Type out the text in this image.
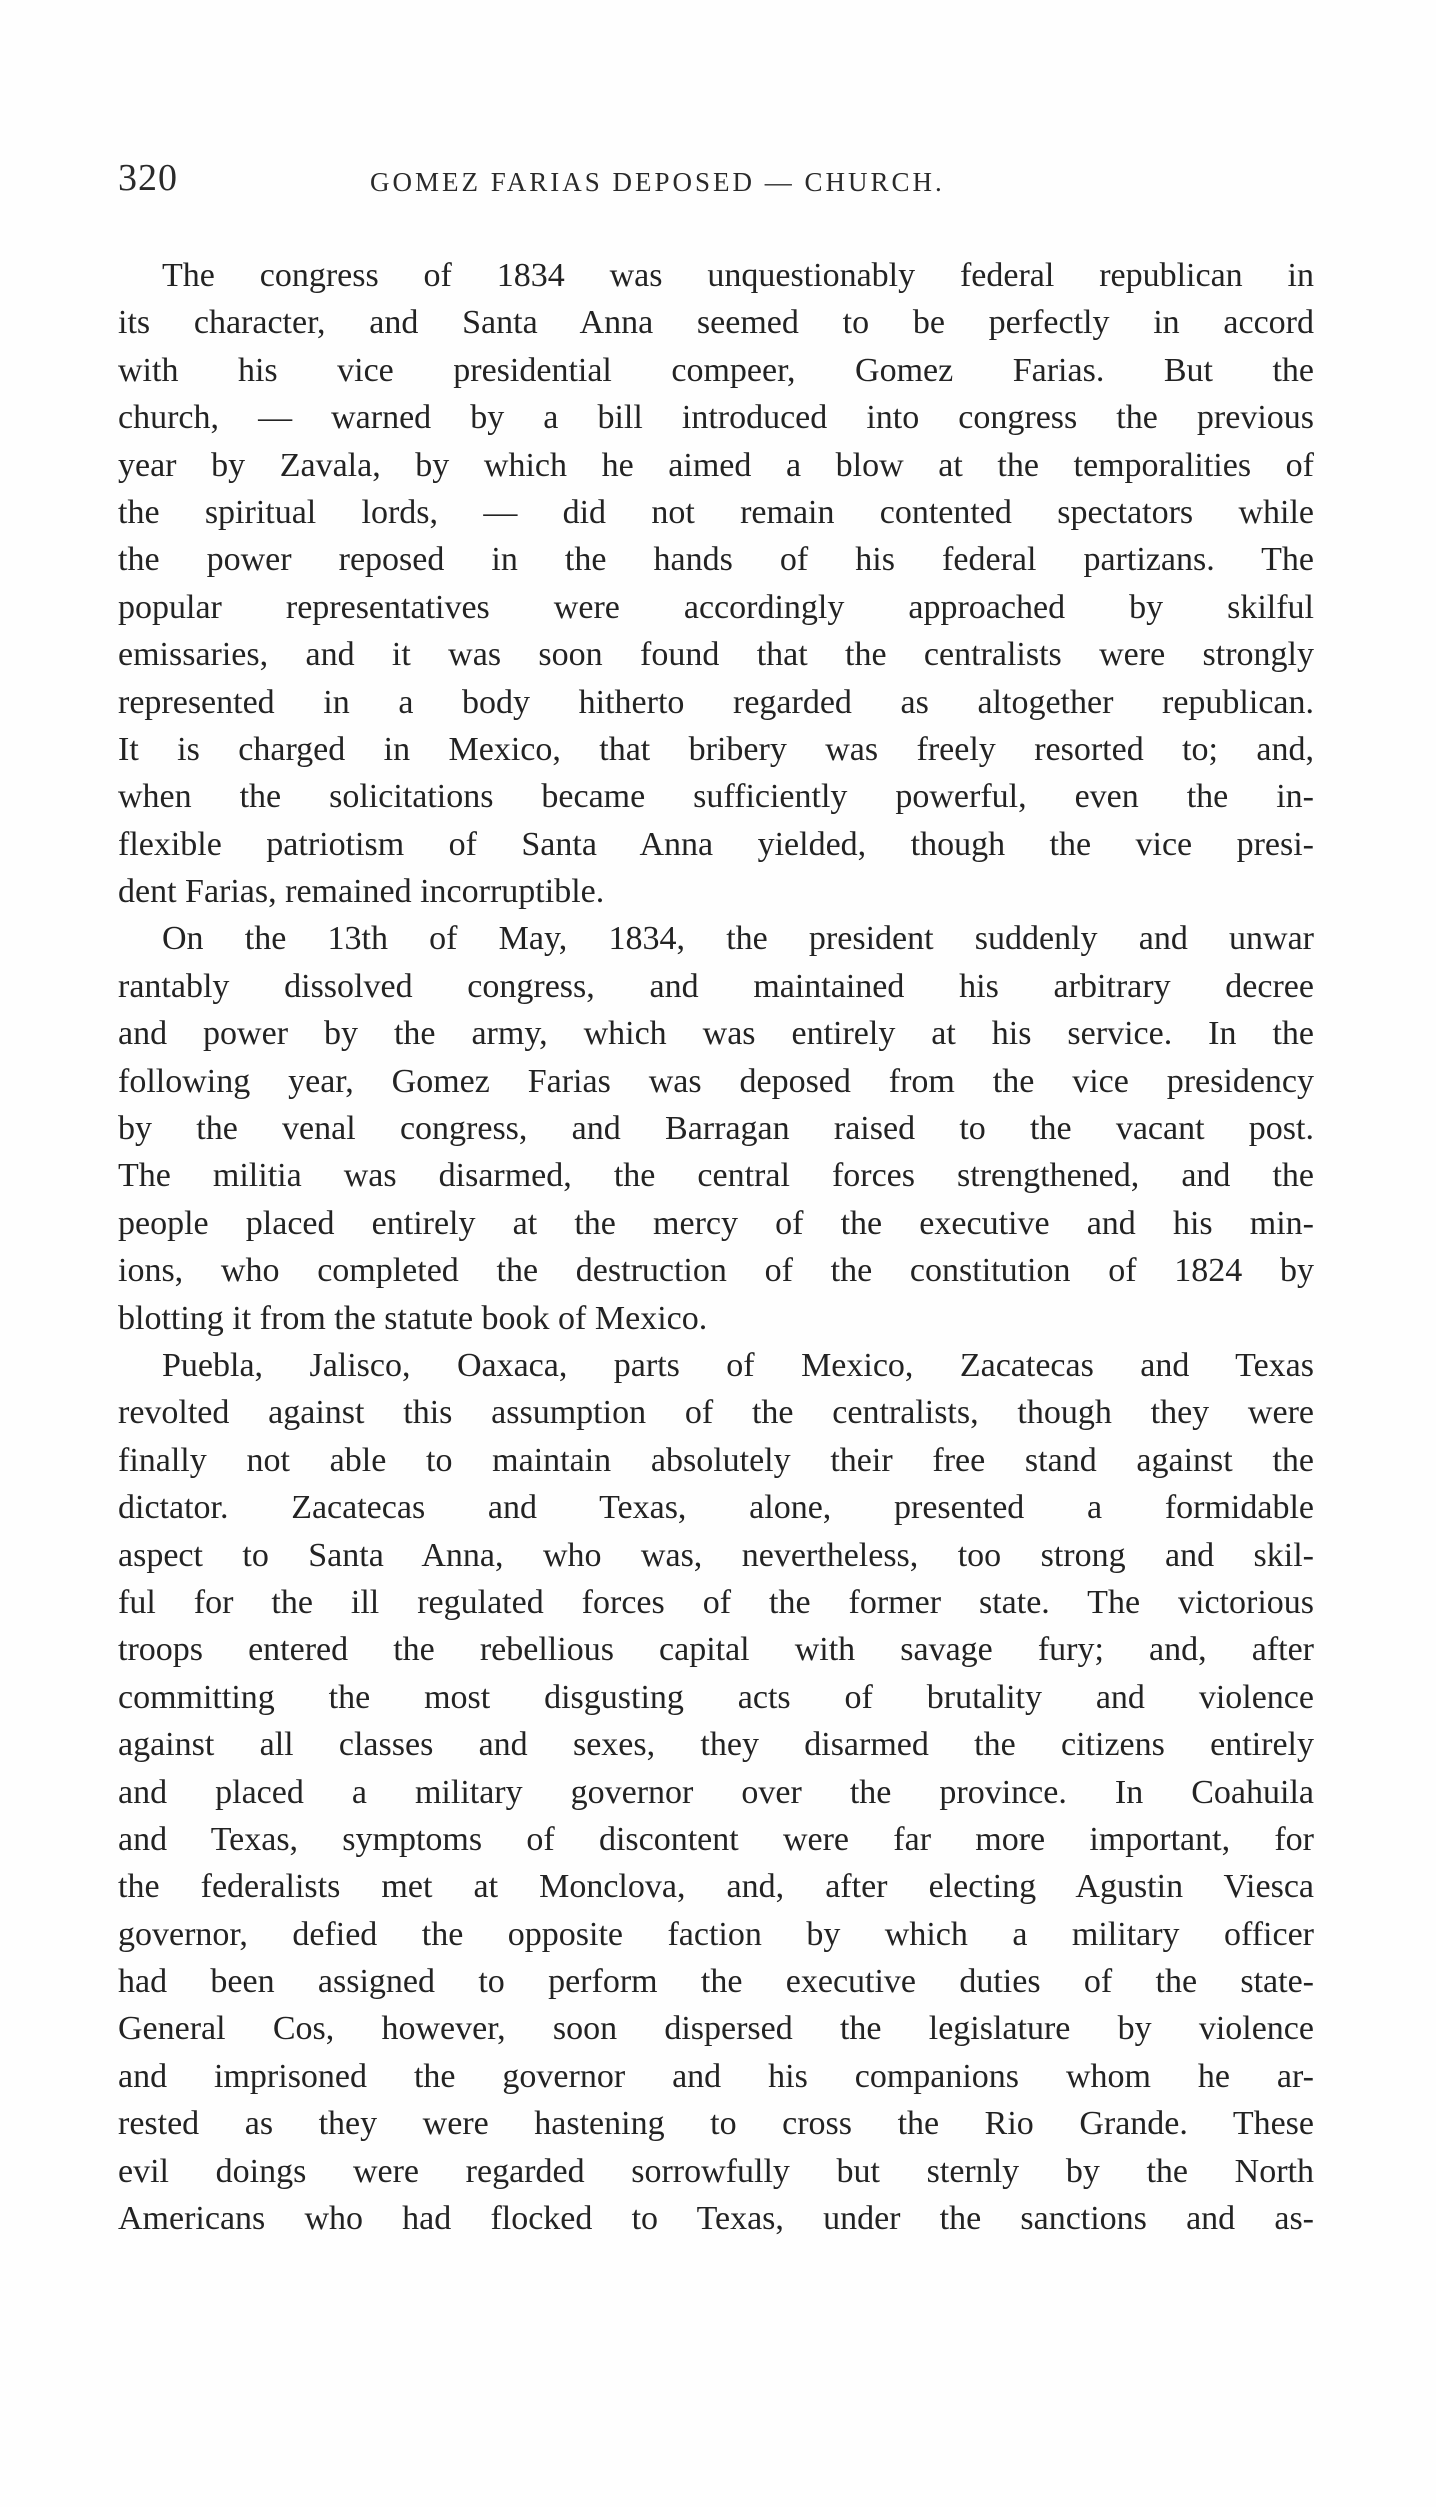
320	GOMEZ FARIAS DEPOSED — CHURCH.
The congress of 1834 was unquestionably federal republican in
its character, and Santa Anna seemed to be perfectly in accord
with his vice presidential compeer, Gomez Farias. But the
church, — warned by a bill introduced into congress the previous
year by Zavala, by which he aimed a blow at the temporalities of
the spiritual lords, — did not remain contented spectators while
the power reposed in the hands of his federal partizans. The
popular representatives were accordingly approached by skilful
emissaries, and it was soon found that the centralists were strongly
represented in a body hitherto regarded as altogether republican.
It is charged in Mexico, that bribery was freely resorted to; and,
when the solicitations became sufficiently powerful, even the in-
flexible patriotism of Santa Anna yielded, though the vice presi-
dent Farias, remained incorruptible.
On the 13th of May, 1834, the president suddenly and unwar
rantably dissolved congress, and maintained his arbitrary decree
and power by the army, which was entirely at his service. In the
following year, Gomez Farias was deposed from the vice presidency
by the venal congress, and Barragan raised to the vacant post.
The militia was disarmed, the central forces strengthened, and the
people placed entirely at the mercy of the executive and his min-
ions, who completed the destruction of the constitution of 1824 by
blotting it from the statute book of Mexico.
Puebla, Jalisco, Oaxaca, parts of Mexico, Zacatecas and Texas
revolted against this assumption of the centralists, though they were
finally not able to maintain absolutely their free stand against the
dictator. Zacatecas and Texas, alone, presented a formidable
aspect to Santa Anna, who was, nevertheless, too strong and skil-
ful for the ill regulated forces of the former state. The victorious
troops entered the rebellious capital with savage fury; and, after
committing the most disgusting acts of brutality and violence
against all classes and sexes, they disarmed the citizens entirely
and placed a military governor over the province. In Coahuila
and Texas, symptoms of discontent were far more important, for
the federalists met at Monclova, and, after electing Agustin Viesca
governor, defied the opposite faction by which a military officer
had been assigned to perform the executive duties of the state-
General Cos, however, soon dispersed the legislature by violence
and imprisoned the governor and his companions whom he ar-
rested as they were hastening to cross the Rio Grande. These
evil doings were regarded sorrowfully but sternly by the North
Americans who had flocked to Texas, under the sanctions and as-
